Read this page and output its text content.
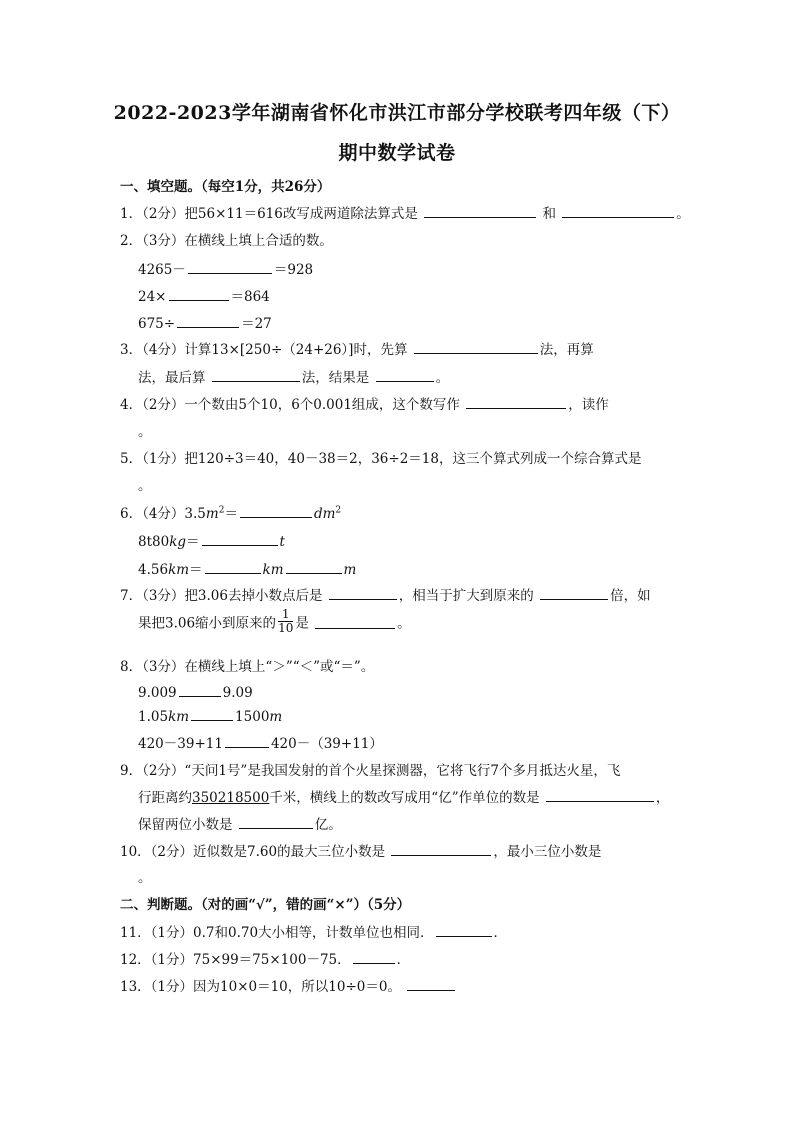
2022-2023学年湖南省怀化市洪江市部分学校联考四年级（下）
期中数学试卷
一、填空题。（每空1分，共26分）
1．（2分）把56×11＝616改写成两道除法算式是	和	。
2．（3分）在横线上填上合适的数。
4265－	＝928
24×	＝864
675÷	＝27
3．（4分）计算13×[250÷（24+26）]时，先算	法，再算
法，最后算	法，结果是	。
4．（2分）一个数由5个10，6个0.001组成，这个数写作	，读作
。
5．（1分）把120÷3＝40，40－38＝2，36÷2＝18，这三个算式列成一个综合算式是
。
6．（4分）$3.5m^2=$	$dm^2$
8t80kg＝	t
4.56km＝	km	m
7．（3分）把3.06去掉小数点后是	，相当于扩大到原来的	倍，如
果把3.06缩小到原来的 $\frac{1}{10}$ 是	。
8．（3分）在横线上填上“＞”“＜”或“＝”。
9.009	9.09
1.05km	1500m
420－39+11	420－（39+11）
9．（2分）“天问1号”是我国发射的首个火星探测器，它将飞行7个多月抵达火星，飞
行距离约350218500千米，横线上的数改写成用“亿”作单位的数是	，
保留两位小数是	亿。
10．（2分）近似数是7.60的最大三位小数是	，最小三位小数是
。
二、判断题。（对的画“√”，错的画“×”）（5分）
11．（1分）0.7和0.70大小相等，计数单位也相同．	．
12．（1分）75×99＝75×100－75．	．
13．（1分）因为10×0＝10，所以10÷0＝0。
